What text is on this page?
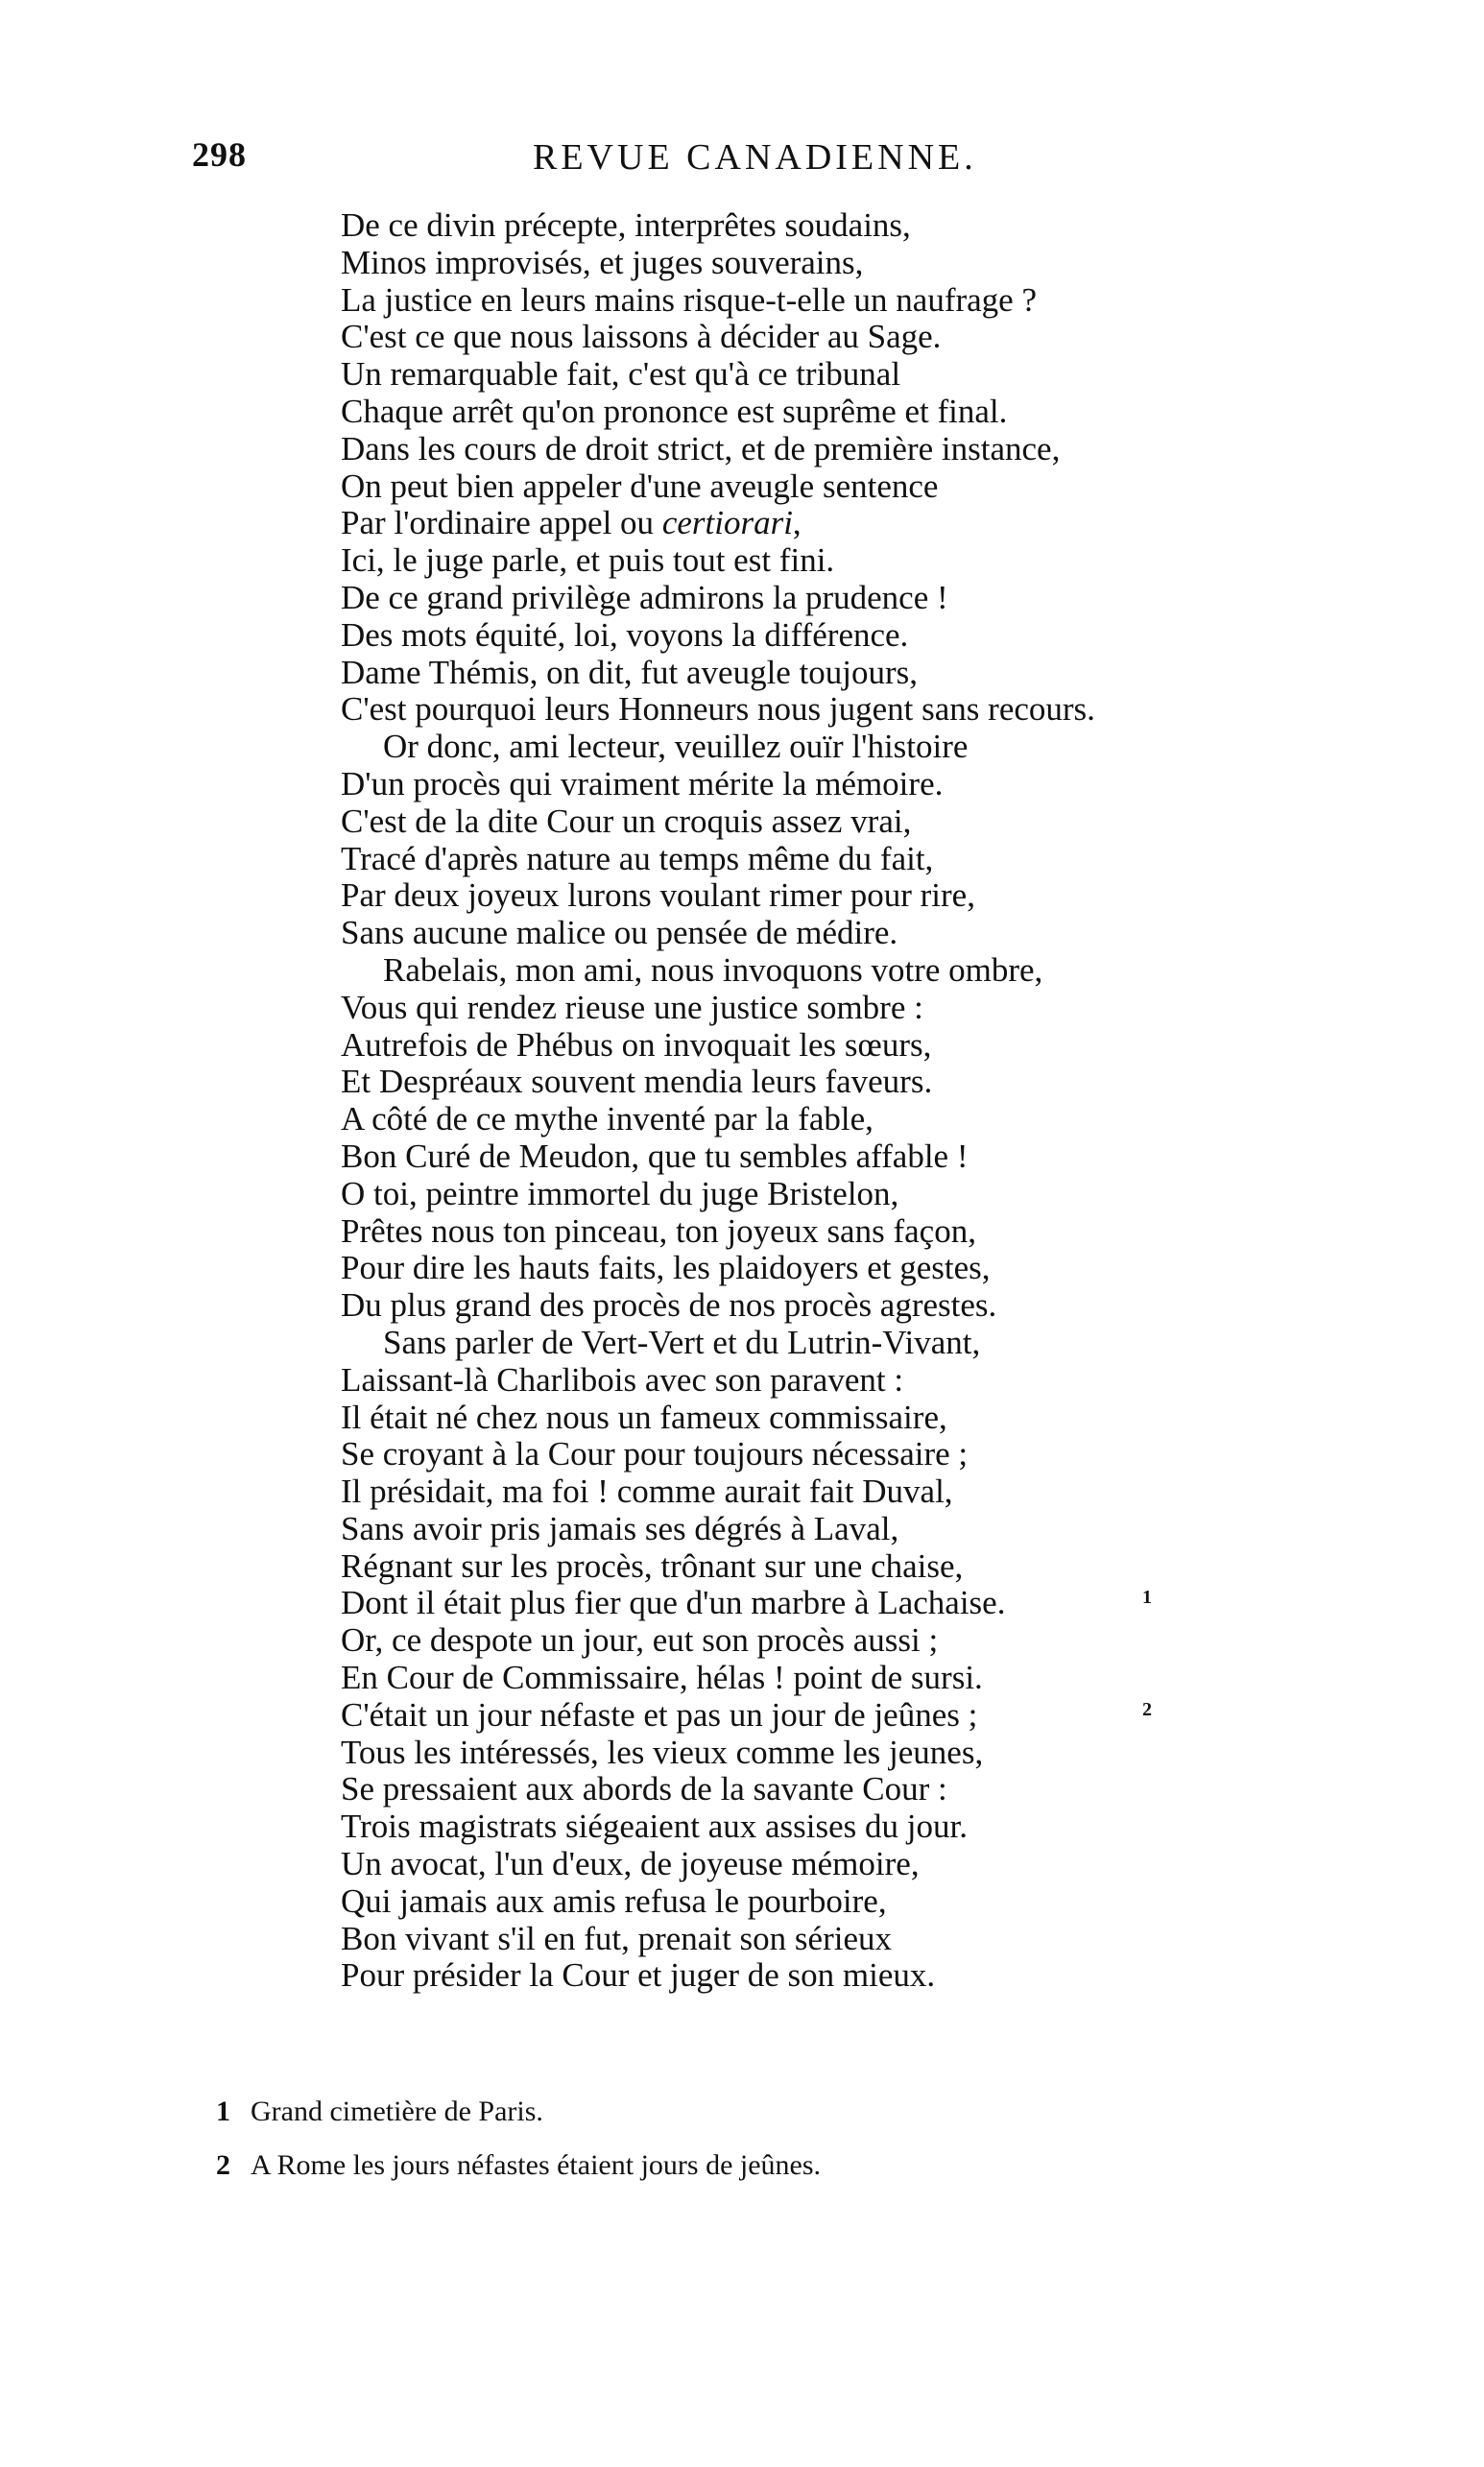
298	REVUE CANADIENNE.
De ce divin précepte, interprêtes soudains,
Minos improvisés, et juges souverains,
La justice en leurs mains risque-t-elle un naufrage ?
C'est ce que nous laissons à décider au Sage.
Un remarquable fait, c'est qu'à ce tribunal
Chaque arrêt qu'on prononce est suprême et final.
Dans les cours de droit strict, et de première instance,
On peut bien appeler d'une aveugle sentence
Par l'ordinaire appel ou certiorari,
Ici, le juge parle, et puis tout est fini.
De ce grand privilège admirons la prudence !
Des mots équité, loi, voyons la différence.
Dame Thémis, on dit, fut aveugle toujours,
C'est pourquoi leurs Honneurs nous jugent sans recours.
Or donc, ami lecteur, veuillez ouïr l'histoire
D'un procès qui vraiment mérite la mémoire.
C'est de la dite Cour un croquis assez vrai,
Tracé d'après nature au temps même du fait,
Par deux joyeux lurons voulant rimer pour rire,
Sans aucune malice ou pensée de médire.
Rabelais, mon ami, nous invoquons votre ombre,
Vous qui rendez rieuse une justice sombre :
Autrefois de Phébus on invoquait les sœurs,
Et Despréaux souvent mendia leurs faveurs.
A côté de ce mythe inventé par la fable,
Bon Curé de Meudon, que tu sembles affable !
O toi, peintre immortel du juge Bristelon,
Prêtes nous ton pinceau, ton joyeux sans façon,
Pour dire les hauts faits, les plaidoyers et gestes,
Du plus grand des procès de nos procès agrestes.
Sans parler de Vert-Vert et du Lutrin-Vivant,
Laissant-là Charlibois avec son paravent :
Il était né chez nous un fameux commissaire,
Se croyant à la Cour pour toujours nécessaire ;
Il présidait, ma foi ! comme aurait fait Duval,
Sans avoir pris jamais ses dégrés à Laval,
Régnant sur les procès, trônant sur une chaise,
Dont il était plus fier que d'un marbre à Lachaise.	1
Or, ce despote un jour, eut son procès aussi ;
En Cour de Commissaire, hélas ! point de sursi.
C'était un jour néfaste et pas un jour de jeûnes ;	2
Tous les intéressés, les vieux comme les jeunes,
Se pressaient aux abords de la savante Cour :
Trois magistrats siégeaient aux assises du jour.
Un avocat, l'un d'eux, de joyeuse mémoire,
Qui jamais aux amis refusa le pourboire,
Bon vivant s'il en fut, prenait son sérieux
Pour présider la Cour et juger de son mieux.
1 Grand cimetière de Paris.
2 A Rome les jours néfastes étaient jours de jeûnes.
